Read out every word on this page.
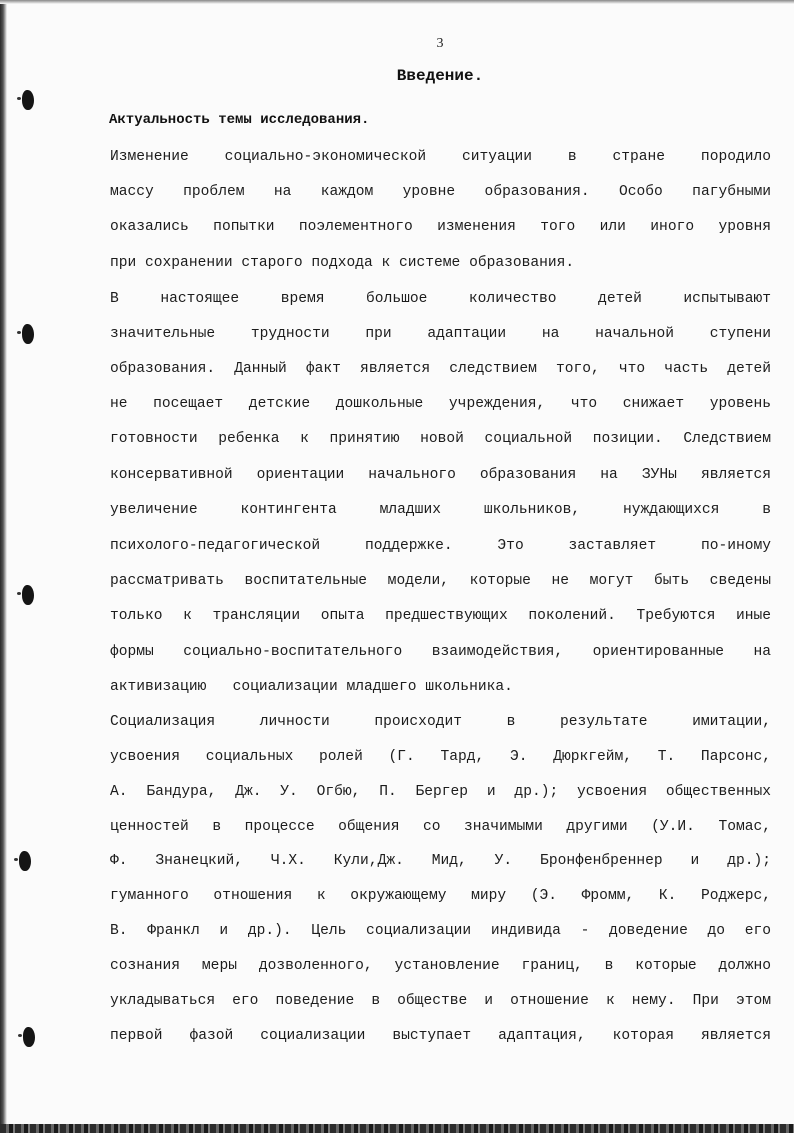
3
Введение.
Актуальность темы исследования.
Изменение социально-экономической ситуации в стране породило
массу проблем на каждом уровне образования. Особо пагубными
оказались попытки поэлементного изменения того или иного уровня
при сохранении старого подхода к системе образования.
В настоящее время большое количество детей испытывают
значительные трудности при адаптации на начальной ступени
образования. Данный факт является следствием того, что часть детей
не посещает детские дошкольные учреждения, что снижает уровень
готовности ребенка к принятию новой социальной позиции. Следствием
консервативной ориентации начального образования на ЗУНы является
увеличение контингента младших школьников, нуждающихся в
психолого-педагогической поддержке. Это заставляет по-иному
рассматривать воспитательные модели, которые не могут быть сведены
только к трансляции опыта предшествующих поколений. Требуются иные
формы социально-воспитательного взаимодействия, ориентированные на
активизацию   социализации младшего школьника.
Социализация личности происходит в результате имитации,
усвоения социальных ролей (Г. Тард, Э. Дюркгейм, Т. Парсонс,
А. Бандура, Дж. У. Огбю, П. Бергер и др.); усвоения общественных
ценностей в процессе общения со значимыми другими (У.И. Томас,
Ф. Знанецкий, Ч.Х. Кули,Дж. Мид, У. Бронфенбреннер и др.);
гуманного отношения к окружающему миру (Э. Фромм, К. Роджерс,
В. Франкл и др.). Цель социализации индивида - доведение до его
сознания меры дозволенного, установление границ, в которые должно
укладываться его поведение в обществе и отношение к нему. При этом
первой фазой социализации выступает адаптация, которая является
